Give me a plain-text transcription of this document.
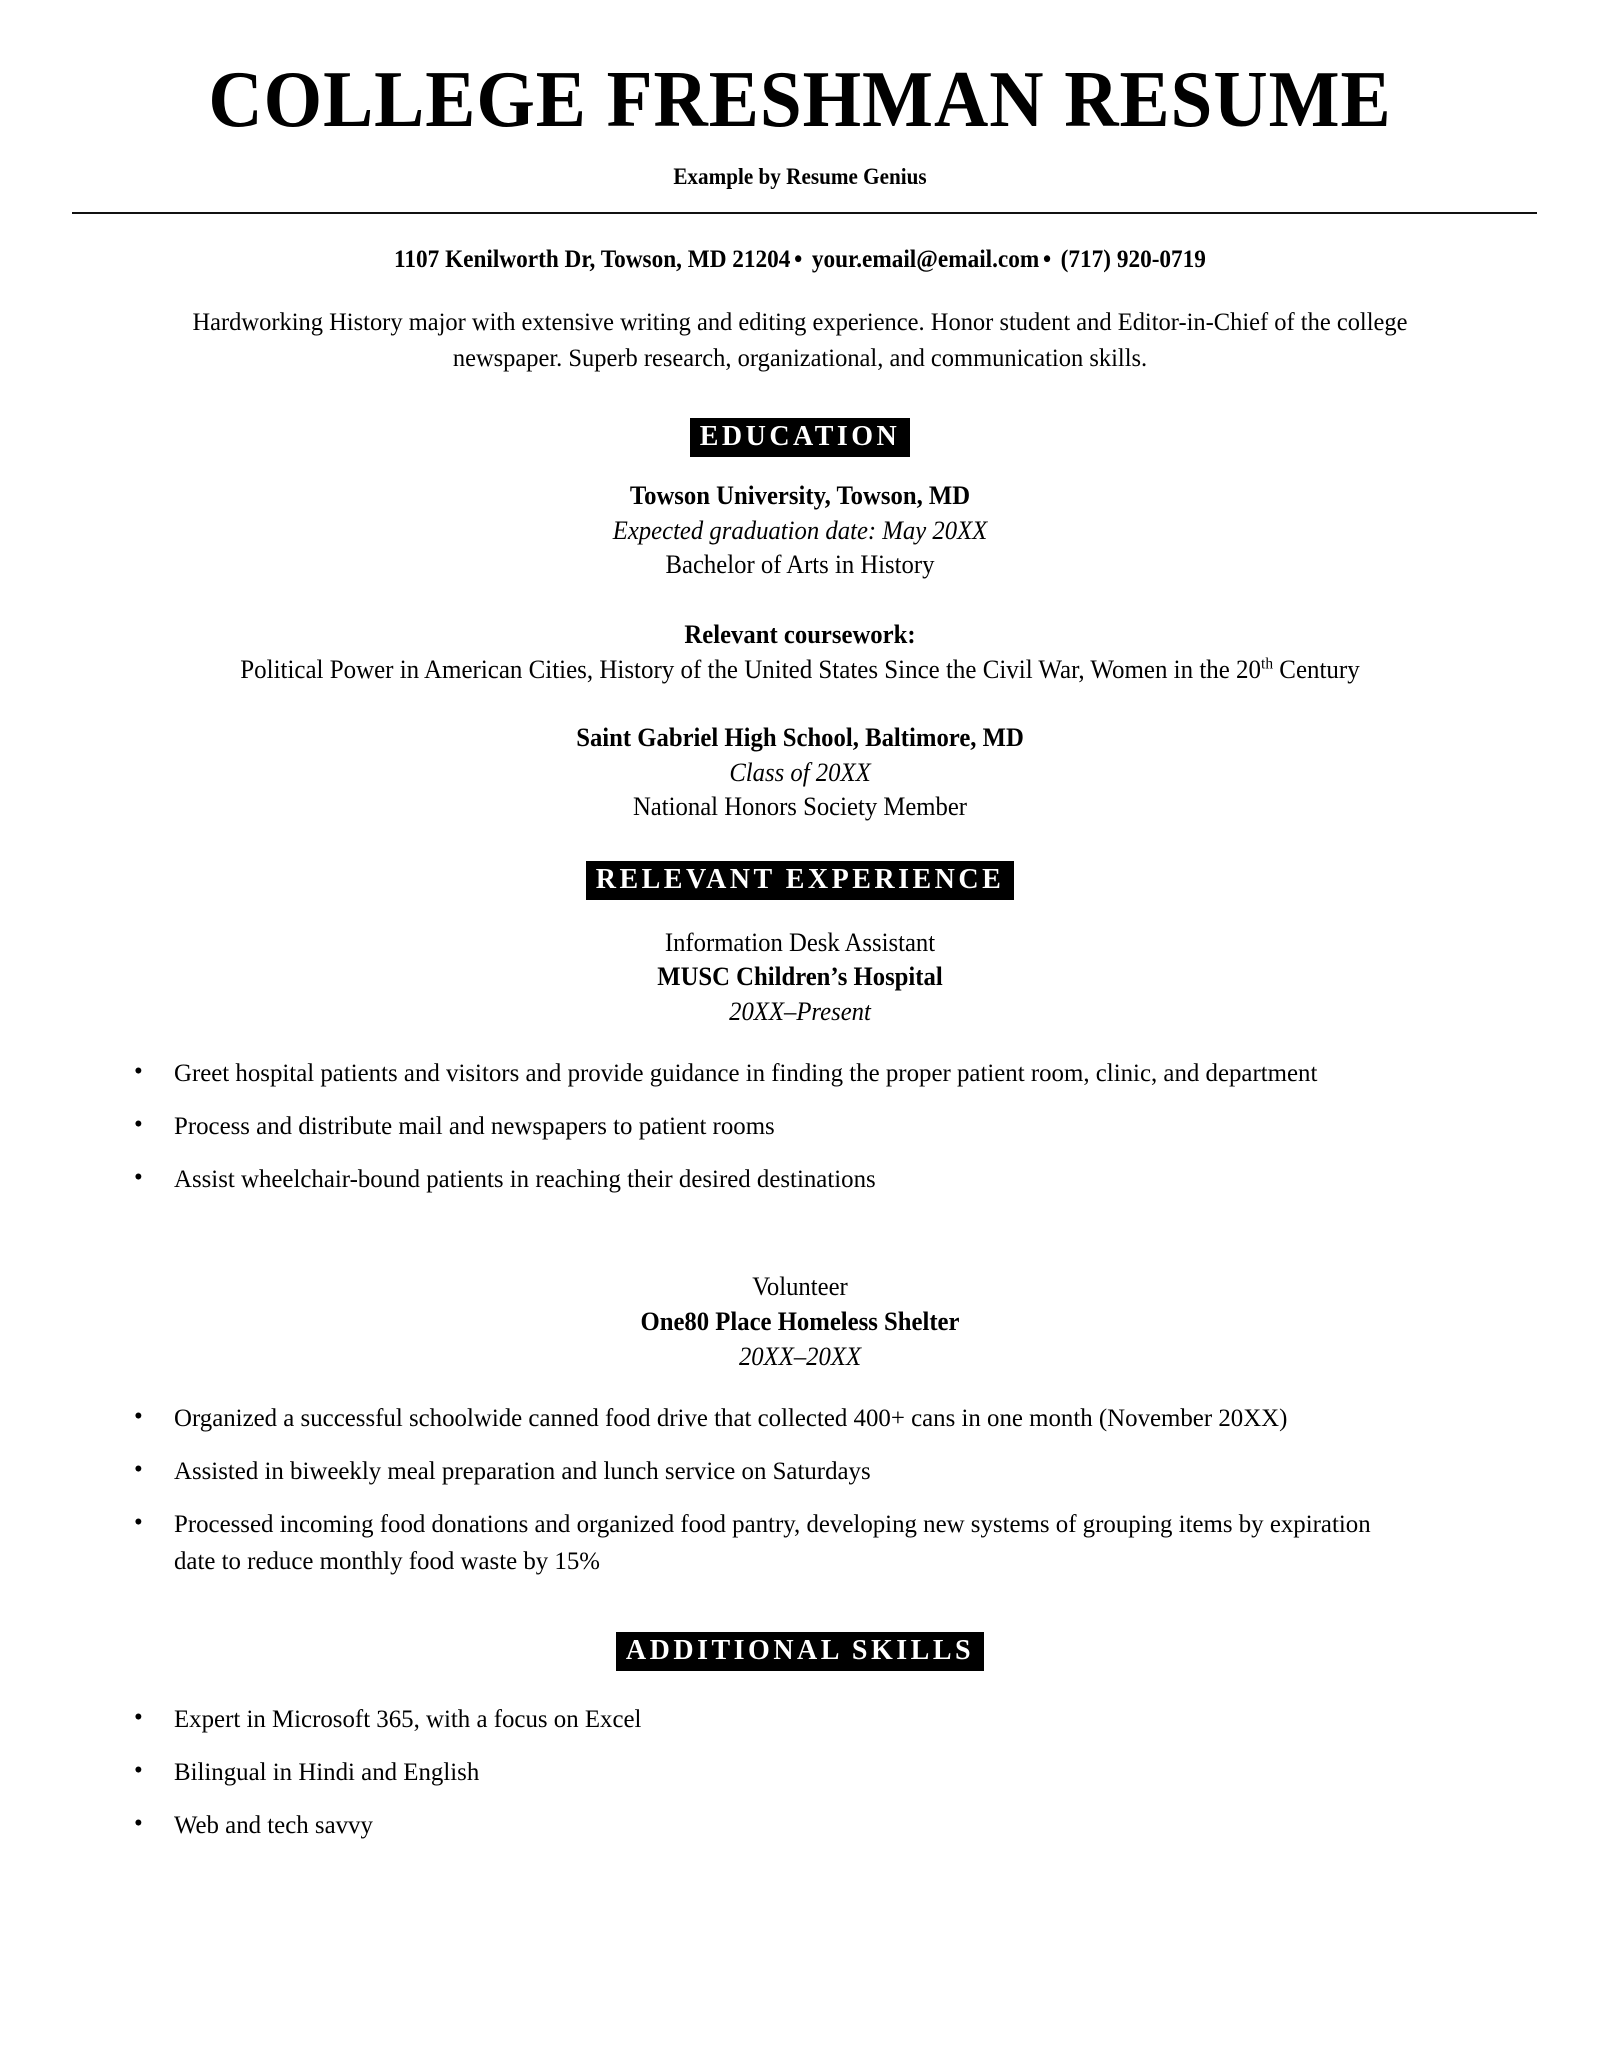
COLLEGE FRESHMAN RESUME
Example by Resume Genius
1107 Kenilworth Dr, Towson, MD 21204 • your.email@email.com • (717) 920-0719
Hardworking History major with extensive writing and editing experience. Honor student and Editor-in-Chief of the college newspaper. Superb research, organizational, and communication skills.
EDUCATION
Towson University, Towson, MD
Expected graduation date: May 20XX
Bachelor of Arts in History
Relevant coursework:
Political Power in American Cities, History of the United States Since the Civil War, Women in the 20th Century
Saint Gabriel High School, Baltimore, MD
Class of 20XX
National Honors Society Member
RELEVANT EXPERIENCE
Information Desk Assistant
MUSC Children’s Hospital
20XX–Present
• Greet hospital patients and visitors and provide guidance in finding the proper patient room, clinic, and department
• Process and distribute mail and newspapers to patient rooms
• Assist wheelchair-bound patients in reaching their desired destinations
Volunteer
One80 Place Homeless Shelter
20XX–20XX
• Organized a successful schoolwide canned food drive that collected 400+ cans in one month (November 20XX)
• Assisted in biweekly meal preparation and lunch service on Saturdays
• Processed incoming food donations and organized food pantry, developing new systems of grouping items by expiration date to reduce monthly food waste by 15%
ADDITIONAL SKILLS
• Expert in Microsoft 365, with a focus on Excel
• Bilingual in Hindi and English
• Web and tech savvy
